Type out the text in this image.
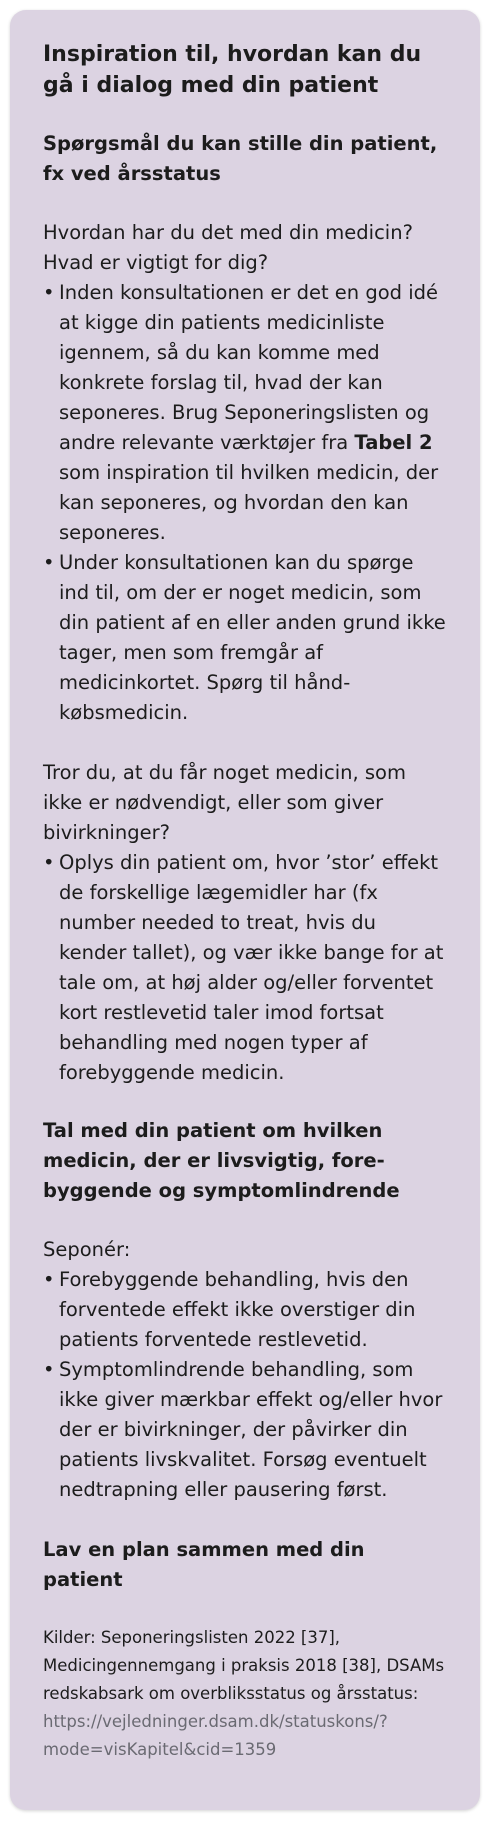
Inspiration til, hvordan kan du gå i dialog med din patient
Spørgsmål du kan stille din patient, fx ved årsstatus

Hvordan har du det med din medicin? Hvad er vigtigt for dig?

• Inden konsultationen er det en god idé at kigge din patients medicinliste igennem, så du kan komme med konkrete forslag til, hvad der kan seponeres. Brug Seponeringslisten og andre relevante værktøjer fra Tabel 2 som inspiration til hvilken medicin, der kan seponeres, og hvordan den kan seponeres.
• Under konsultationen kan du spørge ind til, om der er noget medicin, som din patient af en eller anden grund ikke tager, men som fremgår af medicinkortet. Spørg til håndkøbsmedicin.

Tror du, at du får noget medicin, som ikke er nødvendigt, eller som giver bivirkninger?

• Oplys din patient om, hvor ’stor’ effekt de forskellige lægemidler har (fx number needed to treat, hvis du kender tallet), og vær ikke bange for at tale om, at høj alder og/eller forventet kort restlevetid taler imod fortsat behandling med nogen typer af forebyggende medicin.
Tal med din patient om hvilken medicin, der er livsvigtig, forebyggende og symptomlindrende

Seponér:

• Forebyggende behandling, hvis den forventede effekt ikke overstiger din patients forventede restlevetid.
• Symptomlindrende behandling, som ikke giver mærkbar effekt og/eller hvor der er bivirkninger, der påvirker din patients livskvalitet. Forsøg eventuelt nedtrapning eller pausering først.
Lav en plan sammen med din patient
Kilder: Seponeringslisten 2022 [37], Medicingennemgang i praksis 2018 [38], DSAMs redskabsark om overbliksstatus og årsstatus: https://vejledninger.dsam.dk/statuskons/?mode=visKapitel&cid=1359
